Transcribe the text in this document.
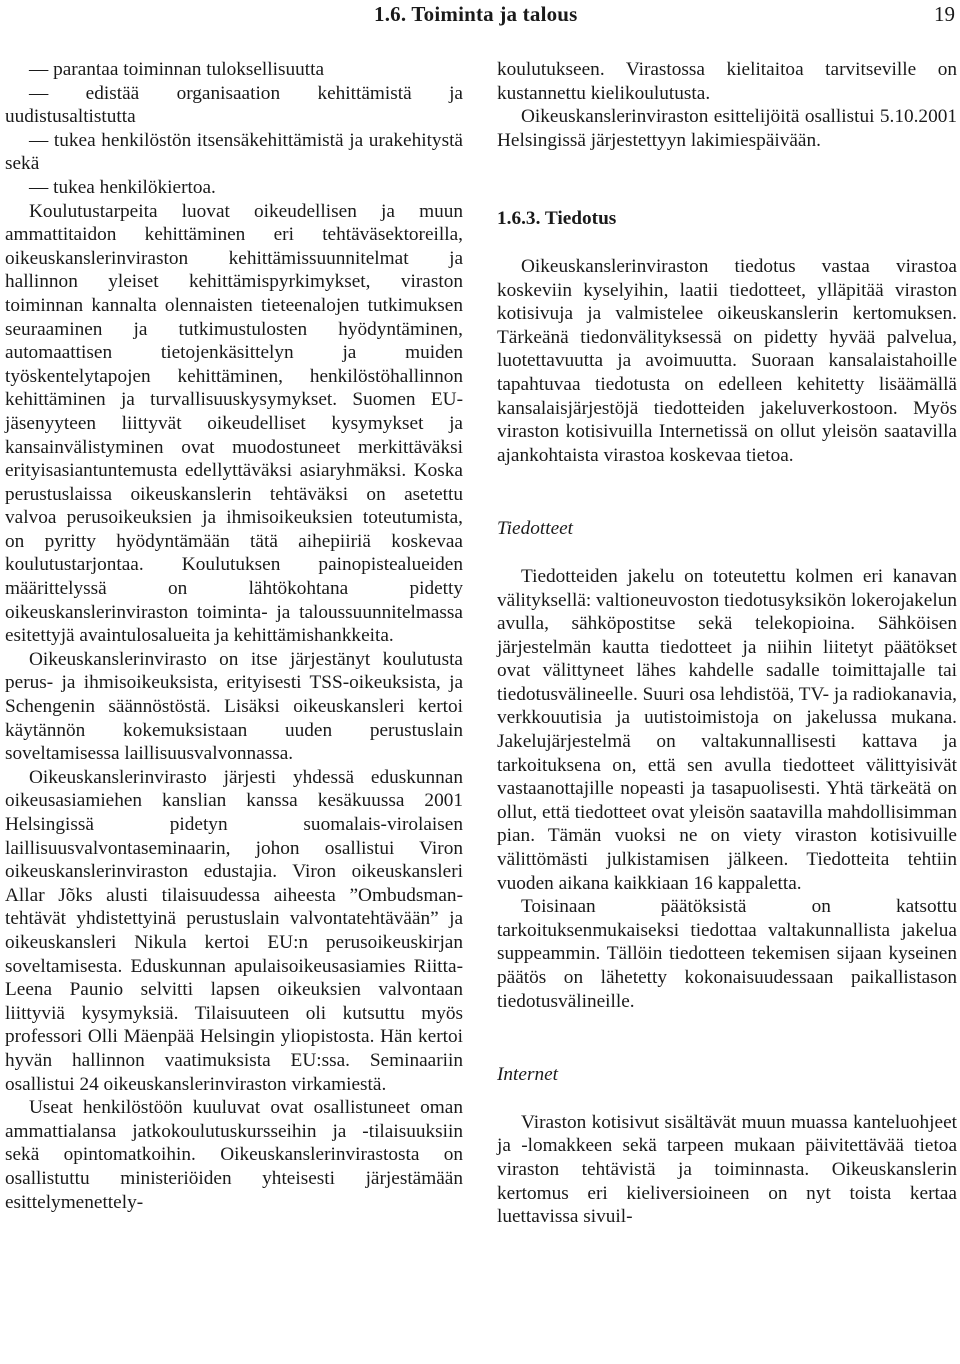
1.6. Toiminta ja talous	19
— parantaa toiminnan tuloksellisuutta
— edistää organisaation kehittämistä ja uudistusaltistutta
— tukea henkilöstön itsensäkehittämistä ja urakehitystä sekä
— tukea henkilökiertoa.

Koulutustarpeita luovat oikeudellisen ja muun ammattitaidon kehittäminen eri tehtäväsektoreilla, oikeuskanslerinviraston kehittämissuunnitelmat ja hallinnon yleiset kehittämispyrkimykset, viraston toiminnan kannalta olennaisten tieteenalojen tutkimuksen seuraaminen ja tutkimustulosten hyödyntäminen, automaattisen tietojenkäsittelyn ja muiden työskentelytapojen kehittäminen, henkilöstöhallinnon kehittäminen ja turvallisuuskysymykset. Suomen EU-jäsenyyteen liittyvät oikeudelliset kysymykset ja kansainvälistyminen ovat muodostuneet merkittäväksi erityisasiantuntemusta edellyttäväksi asiaryhmäksi. Koska perustuslaissa oikeuskanslerin tehtäväksi on asetettu valvoa perusoikeuksien ja ihmisoikeuksien toteutumista, on pyritty hyödyntämään tätä aihepiiriä koskevaa koulutustarjontaa. Koulutuksen painopistealueiden määrittelyssä on lähtökohtana pidetty oikeuskanslerinviraston toiminta- ja taloussuunnitelmassa esitettyjä avaintulosalueita ja kehittämishankkeita.

Oikeuskanslerinvirasto on itse järjestänyt koulutusta perus- ja ihmisoikeuksista, erityisesti TSS-oikeuksista, ja Schengenin säännöstöstä. Lisäksi oikeuskansleri kertoi käytännön kokemuksistaan uuden perustuslain soveltamisessa laillisuusvalvonnassa.

Oikeuskanslerinvirasto järjesti yhdessä eduskunnan oikeusasiamiehen kanslian kanssa kesäkuussa 2001 Helsingissä pidetyn suomalais-virolaisen laillisuusvalvontaseminaarin, johon osallistui Viron oikeuskanslerinviraston edustajia. Viron oikeuskansleri Allar Jõks alusti tilaisuudessa aiheesta ”Ombudsman-tehtävät yhdistettyinä perustuslain valvontatehtävään” ja oikeuskansleri Nikula kertoi EU:n perusoikeuskirjan soveltamisesta. Eduskunnan apulaisoikeusasiamies Riitta-Leena Paunio selvitti lapsen oikeuksien valvontaan liittyviä kysymyksiä. Tilaisuuteen oli kutsuttu myös professori Olli Mäenpää Helsingin yliopistosta. Hän kertoi hyvän hallinnon vaatimuksista EU:ssa. Seminaariin osallistui 24 oikeuskanslerinviraston virkamiestä.

Useat henkilöstöön kuuluvat ovat osallistuneet oman ammattialansa jatkokoulutuskursseihin ja -tilaisuuksiin sekä opintomatkoihin. Oikeuskanslerinvirastosta on osallistuttu ministeriöiden yhteisesti järjestämään esittelymenettely-

koulutukseen. Virastossa kielitaitoa tarvitseville on kustannettu kielikoulutusta.

Oikeuskanslerinviraston esittelijöitä osallistui 5.10.2001 Helsingissä järjestettyyn lakimiespäivään.

1.6.3. Tiedotus

Oikeuskanslerinviraston tiedotus vastaa virastoa koskeviin kyselyihin, laatii tiedotteet, ylläpitää viraston kotisivuja ja valmistelee oikeuskanslerin kertomuksen. Tärkeänä tiedonvälityksessä on pidetty hyvää palvelua, luotettavuutta ja avoimuutta. Suoraan kansalaistahoille tapahtuvaa tiedotusta on edelleen kehitetty lisäämällä kansalaisjärjestöjä tiedotteiden jakeluverkostoon. Myös viraston kotisivuilla Internetissä on ollut yleisön saatavilla ajankohtaista virastoa koskevaa tietoa.

Tiedotteet

Tiedotteiden jakelu on toteutettu kolmen eri kanavan välityksellä: valtioneuvoston tiedotusyksikön lokerojakelun avulla, sähköpostitse sekä telekopioina. Sähköisen järjestelmän kautta tiedotteet ja niihin liitetyt päätökset ovat välittyneet lähes kahdelle sadalle toimittajalle tai tiedotusvälineelle. Suuri osa lehdistöä, TV- ja radiokanavia, verkkouutisia ja uutistoimistoja on jakelussa mukana. Jakelujärjestelmä on valtakunnallisesti kattava ja tarkoituksena on, että sen avulla tiedotteet välittyisivät vastaanottajille nopeasti ja tasapuolisesti. Yhtä tärkeätä on ollut, että tiedotteet ovat yleisön saatavilla mahdollisimman pian. Tämän vuoksi ne on viety viraston kotisivuille välittömästi julkistamisen jälkeen. Tiedotteita tehtiin vuoden aikana kaikkiaan 16 kappaletta.

Toisinaan päätöksistä on katsottu tarkoituksenmukaiseksi tiedottaa valtakunnallista jakelua suppeammin. Tällöin tiedotteen tekemisen sijaan kyseinen päätös on lähetetty kokonaisuudessaan paikallistason tiedotusvälineille.

Internet

Viraston kotisivut sisältävät muun muassa kanteluohjeet ja -lomakkeen sekä tarpeen mukaan päivitettävää tietoa viraston tehtävistä ja toiminnasta. Oikeuskanslerin kertomus eri kieliversioineen on nyt toista kertaa luettavissa sivuil-
